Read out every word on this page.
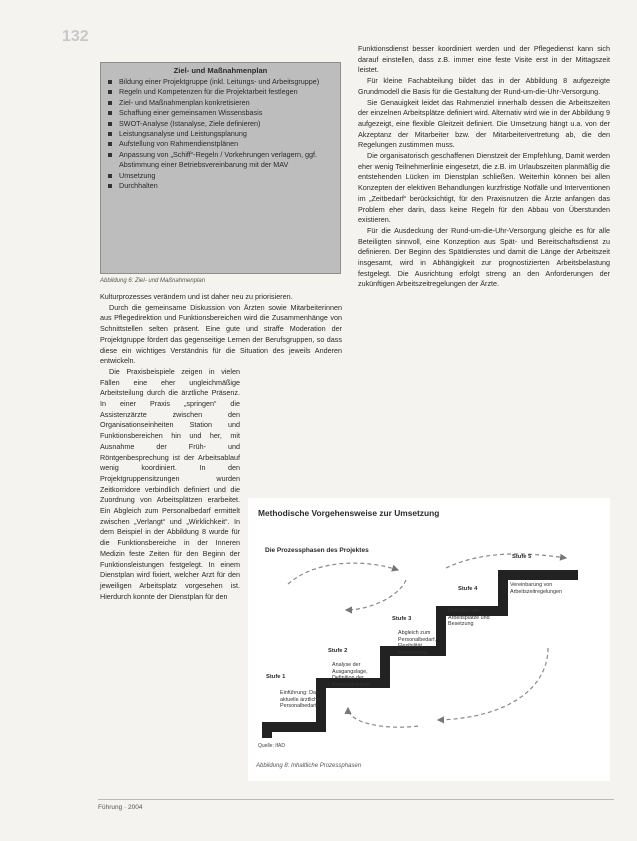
132
Ziel- und Maßnahmenplan
Bildung einer Projektgruppe (inkl. Leitungs- und Arbeitsgruppe)
Regeln und Kompetenzen für die Projektarbeit festlegen
Ziel- und Maßnahmenplan konkretisieren
Schaffung einer gemeinsamen Wissensbasis
SWOT-Analyse (Istanalyse, Ziele definieren)
Leistungsanalyse und Leistungsplanung
Aufstellung von Rahmendienstplänen
Anpassung von „Schiff“-Regeln / Vorkehrungen verlagern, ggf. Abstimmung einer Betriebsvereinbarung mit der MAV
Umsetzung
Durchhalten
Abbildung 6: Ziel- und Maßnahmenplan

Kulturprozesses verändern und ist daher neu zu priorisieren.

Durch die gemeinsame Diskussion von Ärzten sowie Mitarbeiterinnen aus Pflegedirektion und Funktionsbereichen wird die Zusammenhänge von Schnittstellen selten präsent. Eine gute und straffe Moderation der Projektgruppe fördert das gegenseitige Lernen der Berufsgruppen, so dass diese ein wichtiges Verständnis für die Situation des jeweils Anderen entwickeln.

Die Praxisbeispiele zeigen in vielen Fällen eine eher ungleichmäßige Arbeitsteilung durch die ärztliche Präsenz. In einer Praxis „springen“ die Assistenzärzte zwischen den Organisationseinheiten Station und Funktionsbereichen hin und her, mit Ausnahme der Früh- und Röntgenbesprechung ist der Arbeitsablauf wenig koordiniert. In den Projektgruppensitzungen wurden Zeitkorridore verbindlich definiert und die Zuordnung von Arbeitsplätzen erarbeitet. Ein Abgleich zum Personalbedarf ermittelt zwischen „Verlangt“ und „Wirklichkeit“. In dem Beispiel in der Abbildung 8 wurde für die Funktionsbereiche in der Inneren Medizin feste Zeiten für den Beginn der Funktionsleistungen festgelegt. In einem Dienstplan wird fixiert, welcher Arzt für den jeweiligen Arbeitsplatz vorgesehen ist. Hierdurch konnte der Dienstplan für den

Funktionsdienst besser koordiniert werden und der Pflegedienst kann sich darauf einstellen, dass z.B. immer eine feste Visite erst in der Mittagszeit leistet.

Für kleine Fachabteilung bildet das in der Abbildung 8 aufgezeigte Grundmodell die Basis für die Gestaltung der Rund-um-die-Uhr-Versorgung.

Sie Genauigkeit leidet das Rahmenziel innerhalb dessen die Arbeitszeiten der einzelnen Arbeitsplätze definiert wird. Alternativ wird wie in der Abbildung 9 aufgezeigt, eine flexible Gleitzeit definiert. Die Umsetzung hängt u.a. von der Akzeptanz der Mitarbeiter bzw. der Mitarbeitervertretung ab, die den Regelungen zustimmen muss.

Die organisatorisch geschaffenen Dienstzeit der Empfehlung, Damit werden eher wenig Teilnehmerlinie eingesetzt, die z.B. im Urlaubszeiten planmäßig die entstehenden Lücken im Dienstplan schließen. Weiterhin können bei allen Konzepten der elektiven Behandlungen kurzfristige Notfälle und Interventionen im „Zeitbedarf“ berücksichtigt, für den Praxisnutzen die Ärzte anfangen das Problem eher darin, dass keine Regeln für den Abbau von Überstunden existieren.

Für die Ausdeckung der Rund-um-die-Uhr-Versorgung gleiche es für alle Beteiligten sinnvoll, eine Konzeption aus Spät- und Bereitschaftsdienst zu definieren. Der Beginn des Spätdienstes und damit die Länge der Arbeitszeit insgesamt, wird in Abhängigkeit zur prognostizierten Arbeitsbelastung festgelegt. Die Ausrichtung erfolgt streng an den Anforderungen der zukünftigen Arbeitszeitregelungen der Ärzte.

Methodische Vorgehensweise zur Umsetzung
Die Prozessphasen des Projektes
Stufe 1
Einführung: Das aktuelle ärztliche Personalbedarfs
Stufe 2
Analyse der Ausgangslage, Definition der Arbeitsbereiche
Stufe 3
Abgleich zum Personalbedarf, Flexibilität, Ausweisung
Stufe 4
Definition der Arbeitsplätze und Besetzung
Stufe 5
Vereinbarung von Arbeitszeitregelungen
Quelle: IfAD
Abbildung 8: Inhaltliche Prozessphasen
Führung · 2004
